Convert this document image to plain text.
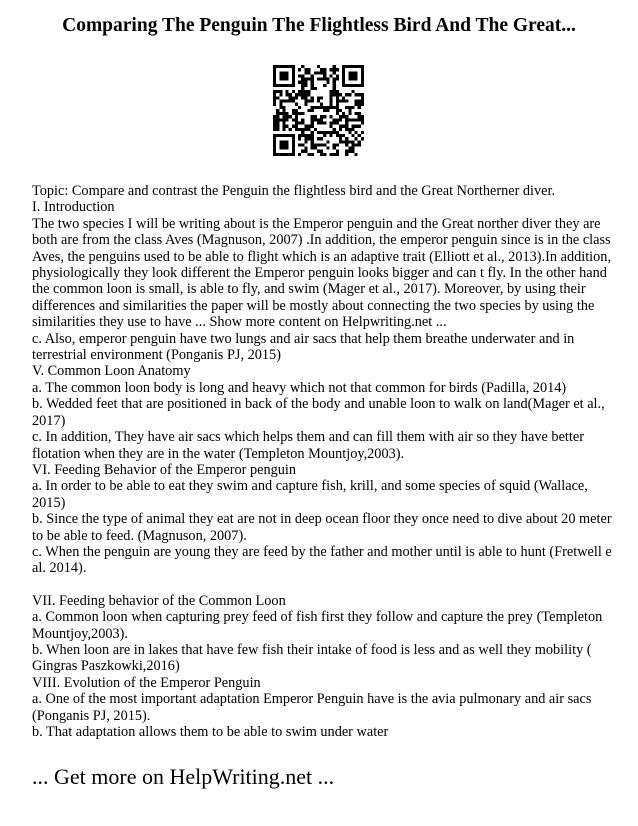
Comparing The Penguin The Flightless Bird And The Great...

Topic: Compare and contrast the Penguin the flightless bird and the Great Northerner diver.

I. Introduction

The two species I will be writing about is the Emperor penguin and the Great norther diver they are both are from the class Aves (Magnuson, 2007) .In addition, the emperor penguin since is in the class Aves, the penguins used to be able to flight which is an adaptive trait (Elliott et al., 2013).In addition, physiologically they look different the Emperor penguin looks bigger and can t fly. In the other hand the common loon is small, is able to fly, and swim (Mager et al., 2017). Moreover, by using their differences and similarities the paper will be mostly about connecting the two species by using the similarities they use to have ... Show more content on Helpwriting.net ...

c. Also, emperor penguin have two lungs and air sacs that help them breathe underwater and in terrestrial environment (Ponganis PJ, 2015)

V. Common Loon Anatomy

a. The common loon body is long and heavy which not that common for birds (Padilla, 2014)

b. Wedded feet that are positioned in back of the body and unable loon to walk on land(Mager et al., 2017)

c. In addition, They have air sacs which helps them and can fill them with air so they have better flotation when they are in the water (Templeton Mountjoy,2003).

VI. Feeding Behavior of the Emperor penguin

a. In order to be able to eat they swim and capture fish, krill, and some species of squid (Wallace, 2015)

b. Since the type of animal they eat are not in deep ocean floor they once need to dive about 20 meter to be able to feed. (Magnuson, 2007).

c. When the penguin are young they are feed by the father and mother until is able to hunt (Fretwell e al. 2014).

VII. Feeding behavior of the Common Loon

a. Common loon when capturing prey feed of fish first they follow and capture the prey (Templeton Mountjoy,2003).

b. When loon are in lakes that have few fish their intake of food is less and as well they mobility ( Gingras Paszkowki,2016)

VIII. Evolution of the Emperor Penguin

a. One of the most important adaptation Emperor Penguin have is the avia pulmonary and air sacs (Ponganis PJ, 2015).

b. That adaptation allows them to be able to swim under water

... Get more on HelpWriting.net ...
